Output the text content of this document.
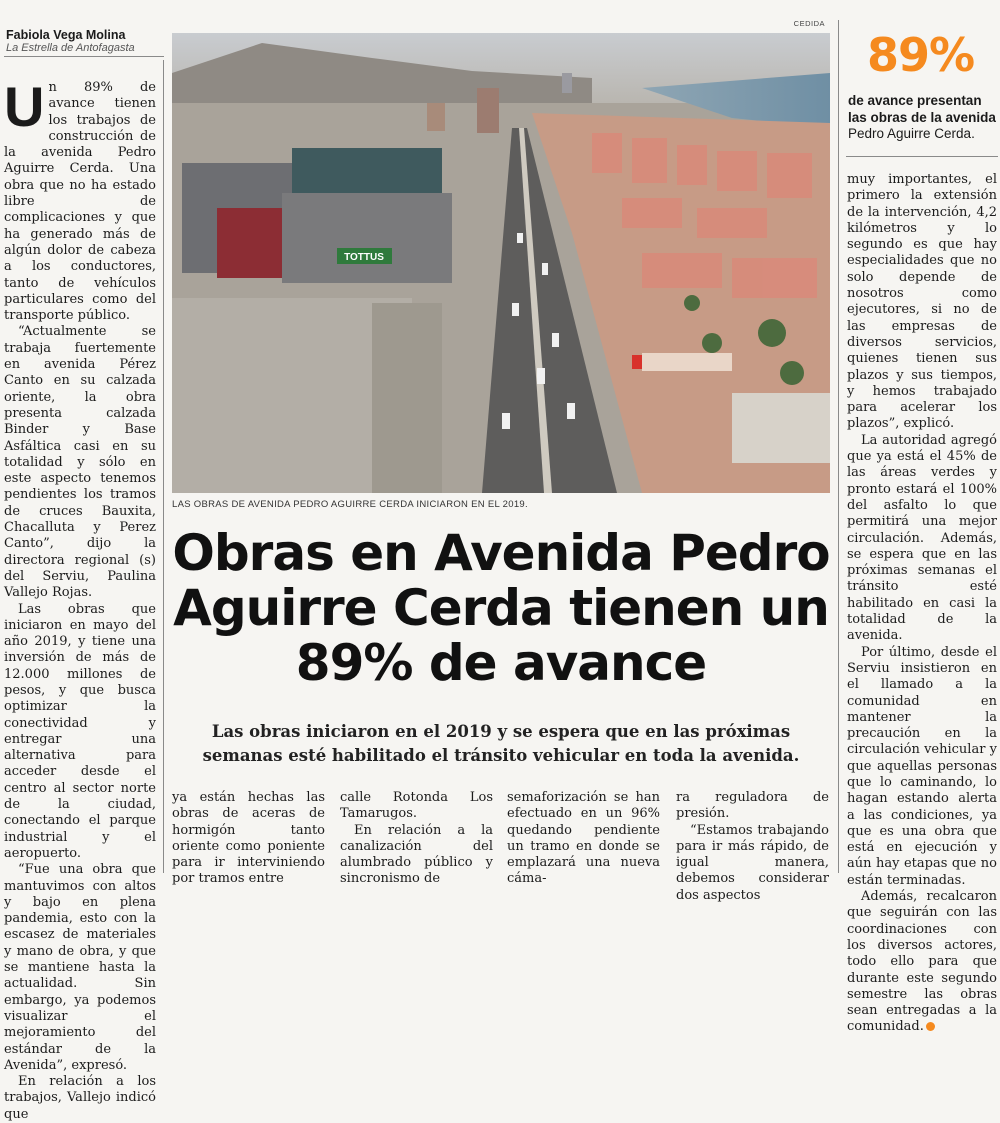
Fabiola Vega Molina
La Estrella de Antofagasta

Un 89% de avance tienen los trabajos de construcción de la avenida Pedro Aguirre Cerda. Una obra que no ha estado libre de complicaciones y que ha generado más de algún dolor de cabeza a los conductores, tanto de vehículos particulares como del transporte público.

“Actualmente se trabaja fuertemente en avenida Pérez Canto en su calzada oriente, la obra presenta calzada Binder y Base Asfáltica casi en su totalidad y sólo en este aspecto tenemos pendientes los tramos de cruces Bauxita, Chacalluta y Perez Canto”, dijo la directora regional (s) del Serviu, Paulina Vallejo Rojas.

Las obras que iniciaron en mayo del año 2019, y tiene una inversión de más de 12.000 millones de pesos, y que busca optimizar la conectividad y entregar una alternativa para acceder desde el centro al sector norte de la ciudad, conectando el parque industrial y el aeropuerto.

“Fue una obra que mantuvimos con altos y bajo en plena pandemia, esto con la escasez de materiales y mano de obra, y que se mantiene hasta la actualidad. Sin embargo, ya podemos visualizar el mejoramiento del estándar de la Avenida”, expresó.

En relación a los trabajos, Vallejo indicó que

CEDIDA
TOTTUS
LAS OBRAS DE AVENIDA PEDRO AGUIRRE CERDA INICIARON EN EL 2019.
Obras en Avenida Pedro Aguirre Cerda tienen un 89% de avance
Las obras iniciaron en el 2019 y se espera que en las próximas semanas esté habilitado el tránsito vehicular en toda la avenida.

ya están hechas las obras de aceras de hormigón tanto oriente como poniente para ir interviniendo por tramos entre

calle Rotonda Los Tamarugos.

En relación a la canalización del alumbrado público y sincronismo de

semaforización se han efectuado en un 96% quedando pendiente un tramo en donde se emplazará una nueva cáma-

ra reguladora de presión.

“Estamos trabajando para ir más rápido, de igual manera, debemos considerar dos aspectos

89%
de avance presentan las obras de la avenida Pedro Aguirre Cerda.

muy importantes, el primero la extensión de la intervención, 4,2 kilómetros y lo segundo es que hay especialidades que no solo depende de nosotros como ejecutores, si no de las empresas de diversos servicios, quienes tienen sus plazos y sus tiempos, y hemos trabajado para acelerar los plazos”, explicó.

La autoridad agregó que ya está el 45% de las áreas verdes y pronto estará el 100% del asfalto lo que permitirá una mejor circulación. Además, se espera que en las próximas semanas el tránsito esté habilitado en casi la totalidad de la avenida.

Por último, desde el Serviu insistieron en el llamado a la comunidad en mantener la precaución en la circulación vehicular y que aquellas personas que lo caminando, lo hagan estando alerta a las condiciones, ya que es una obra que está en ejecución y aún hay etapas que no están terminadas.

Además, recalcaron que seguirán con las coordinaciones con los diversos actores, todo ello para que durante este segundo semestre las obras sean entregadas a la comunidad.
